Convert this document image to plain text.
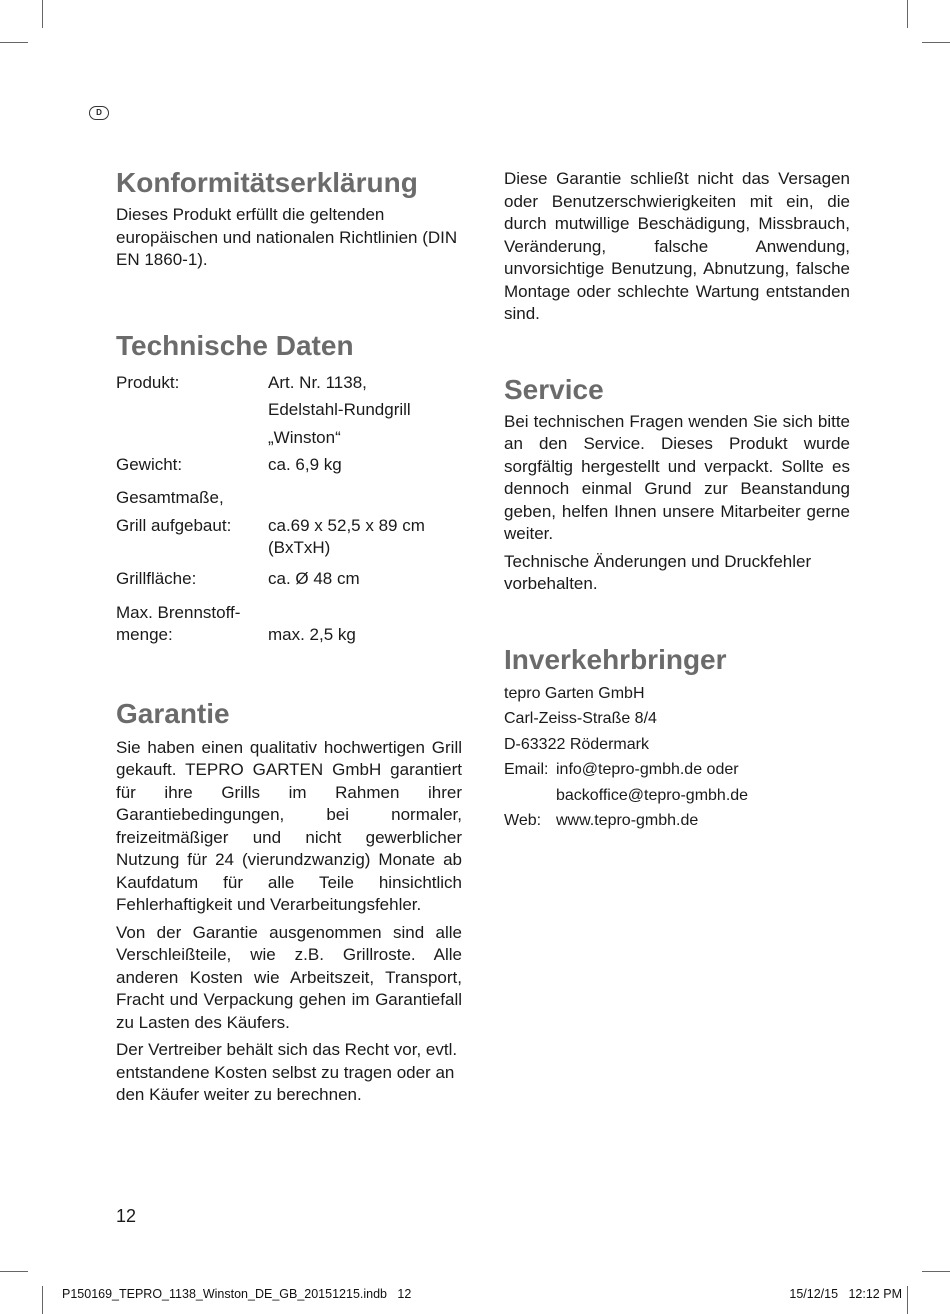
D
Konformitätserklärung

Dieses Produkt erfüllt die geltenden europäischen und nationalen Richtlinien (DIN EN 1860-1).

Technische Daten
Produkt:	Art. Nr. 1138,
Edelstahl-Rundgrill
„Winston“
Gewicht:	ca. 6,9 kg
Gesamtmaße,
Grill aufgebaut:	ca.69 x 52,5 x 89 cm
(BxTxH)
Grillfläche:	ca. Ø 48 cm
Max. Brennstoff-
menge:	max. 2,5 kg
Garantie

Sie haben einen qualitativ hochwertigen Grill gekauft. TEPRO GARTEN GmbH garantiert für ihre Grills im Rahmen ihrer Garantiebedingungen, bei normaler, freizeitmäßiger und nicht gewerblicher Nutzung für 24 (vierundzwanzig) Monate ab Kaufdatum für alle Teile hinsichtlich Fehlerhaftigkeit und Verarbeitungsfehler.

Von der Garantie ausgenommen sind alle Verschleißteile, wie z.B. Grillroste. Alle anderen Kosten wie Arbeitszeit, Transport, Fracht und Verpackung gehen im Garantiefall zu Lasten des Käufers.

Der Vertreiber behält sich das Recht vor, evtl. entstandene Kosten selbst zu tragen oder an den Käufer weiter zu berechnen.

Diese Garantie schließt nicht das Versagen oder Benutzerschwierigkeiten mit ein, die durch mutwillige Beschädigung, Missbrauch, Veränderung, falsche Anwendung, unvorsichtige Benutzung, Abnutzung, falsche Montage oder schlechte Wartung entstanden sind.

Service

Bei technischen Fragen wenden Sie sich bitte an den Service. Dieses Produkt wurde sorgfältig hergestellt und verpackt. Sollte es dennoch einmal Grund zur Beanstandung geben, helfen Ihnen unsere Mitarbeiter gerne weiter.

Technische Änderungen und Druckfehler vorbehalten.

Inverkehrbringer
tepro Garten GmbH
Carl-Zeiss-Straße 8/4
D-63322 Rödermark
Email: info@tepro-gmbh.de oder
backoffice@tepro-gmbh.de
Web: www.tepro-gmbh.de
12
P150169_TEPRO_1138_Winston_DE_GB_20151215.indb   12	15/12/15   12:12 PM
